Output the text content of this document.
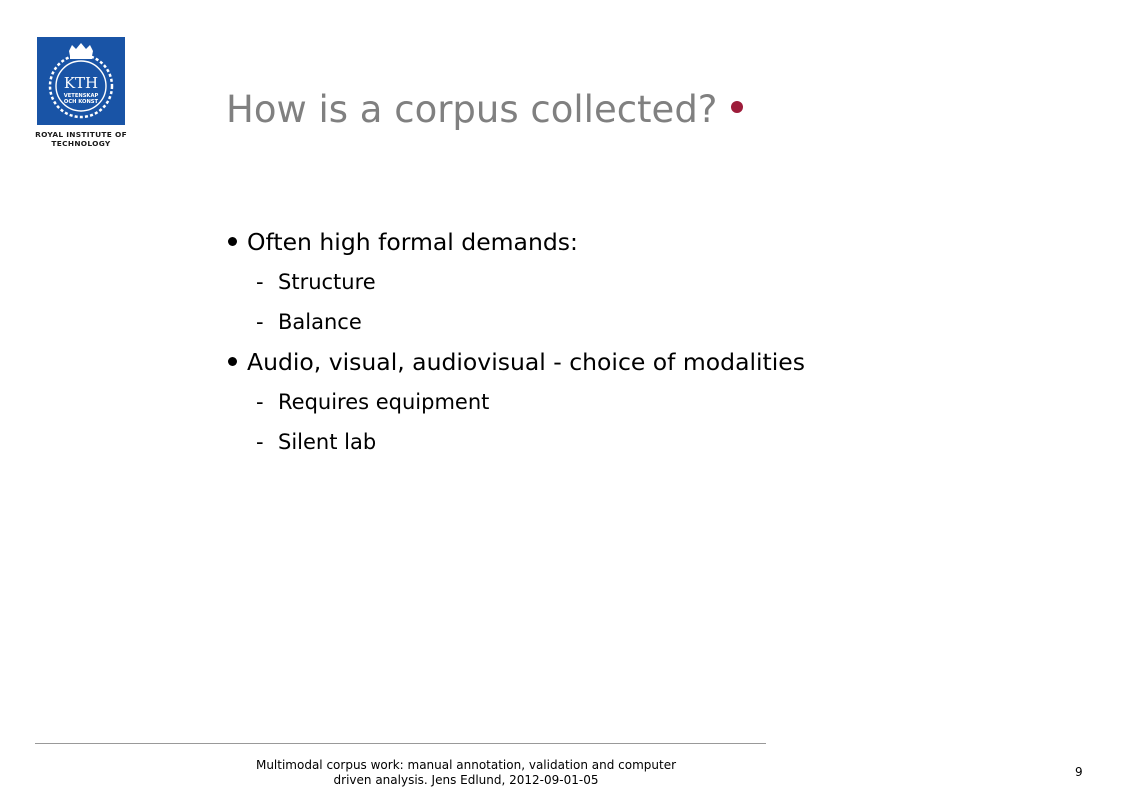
KTH
VETENSKAP
OCH KONST
ROYAL INSTITUTE OF TECHNOLOGY
How is a corpus collected?
Often high formal demands:
- Structure
- Balance
Audio, visual, audiovisual - choice of modalities
- Requires equipment
- Silent lab
Multimodal corpus work: manual annotation, validation and computer driven analysis. Jens Edlund, 2012-09-01-05
9
